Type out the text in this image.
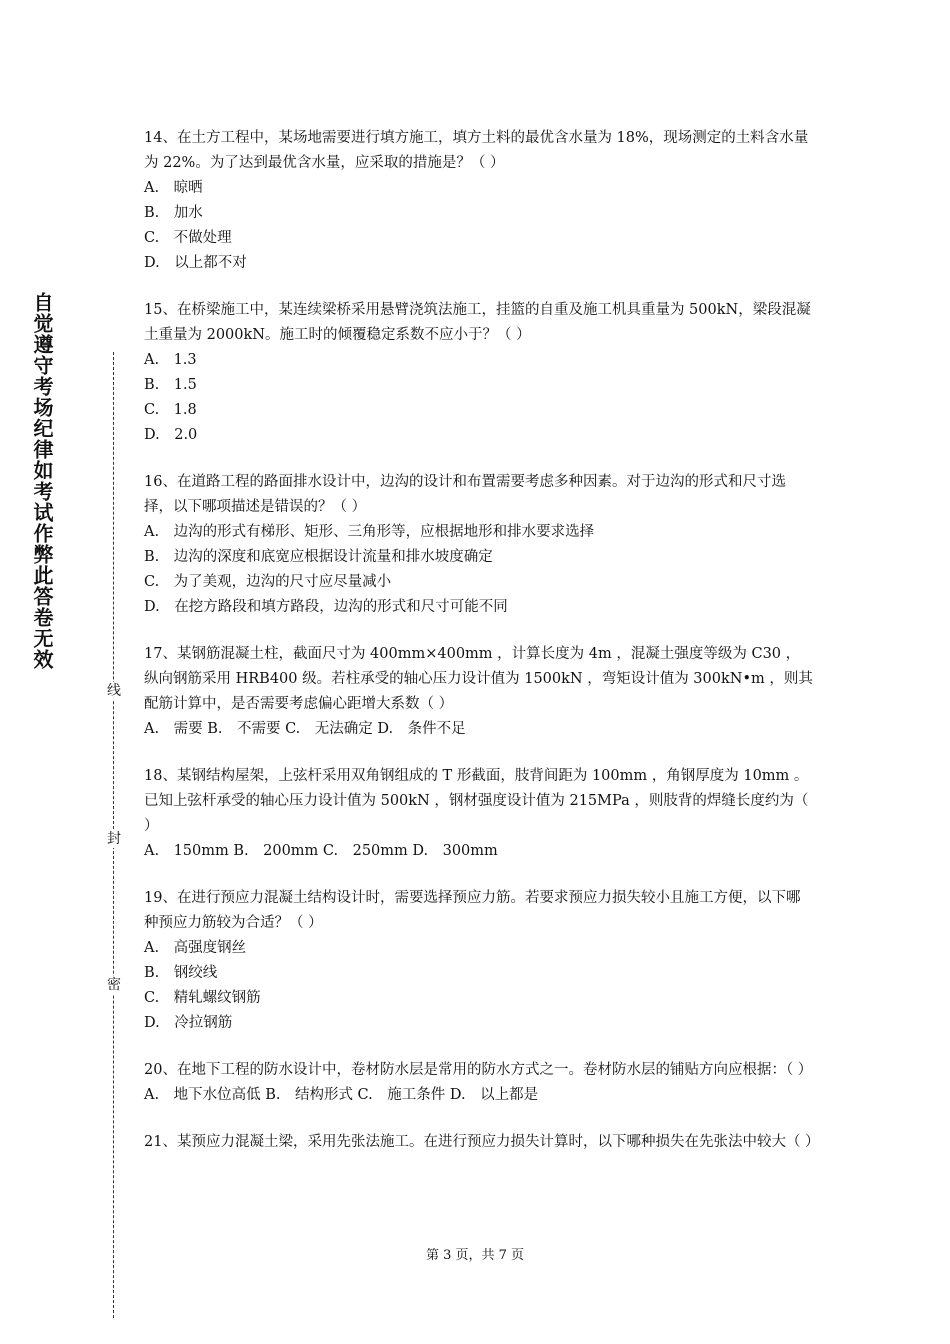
自觉遵守考场纪律如考试作弊此答卷无效
线
封
密
14、在土方工程中，某场地需要进行填方施工，填方土料的最优含水量为 18%，现场测定的土料含水量为 22%。为了达到最优含水量，应采取的措施是？（ ）
A.　晾晒
B.　加水
C.　不做处理
D.　以上都不对
15、在桥梁施工中，某连续梁桥采用悬臂浇筑法施工，挂篮的自重及施工机具重量为 500kN，梁段混凝土重量为 2000kN。施工时的倾覆稳定系数不应小于？（ ）
A.　1.3
B.　1.5
C.　1.8
D.　2.0
16、在道路工程的路面排水设计中，边沟的设计和布置需要考虑多种因素。对于边沟的形式和尺寸选择，以下哪项描述是错误的？（ ）
A.　边沟的形式有梯形、矩形、三角形等，应根据地形和排水要求选择
B.　边沟的深度和底宽应根据设计流量和排水坡度确定
C.　为了美观，边沟的尺寸应尽量减小
D.　在挖方路段和填方路段，边沟的形式和尺寸可能不同
17、某钢筋混凝土柱，截面尺寸为 400mm×400mm ，计算长度为 4m ，混凝土强度等级为 C30 ，纵向钢筋采用 HRB400 级。若柱承受的轴心压力设计值为 1500kN ，弯矩设计值为 300kN•m ，则其配筋计算中，是否需要考虑偏心距增大系数（ ）
A.　需要 B.　不需要 C.　无法确定 D.　条件不足
18、某钢结构屋架，上弦杆采用双角钢组成的 T 形截面，肢背间距为 100mm ，角钢厚度为 10mm 。已知上弦杆承受的轴心压力设计值为 500kN ，钢材强度设计值为 215MPa ，则肢背的焊缝长度约为（ ）
A.　150mm B.　200mm C.　250mm D.　300mm
19、在进行预应力混凝土结构设计时，需要选择预应力筋。若要求预应力损失较小且施工方便，以下哪种预应力筋较为合适？（ ）
A.　高强度钢丝
B.　钢绞线
C.　精轧螺纹钢筋
D.　冷拉钢筋
20、在地下工程的防水设计中，卷材防水层是常用的防水方式之一。卷材防水层的铺贴方向应根据：（ ）
A.　地下水位高低 B.　结构形式 C.　施工条件 D.　以上都是
21、某预应力混凝土梁，采用先张法施工。在进行预应力损失计算时，以下哪种损失在先张法中较大（ ）
第 3 页，共 7 页
